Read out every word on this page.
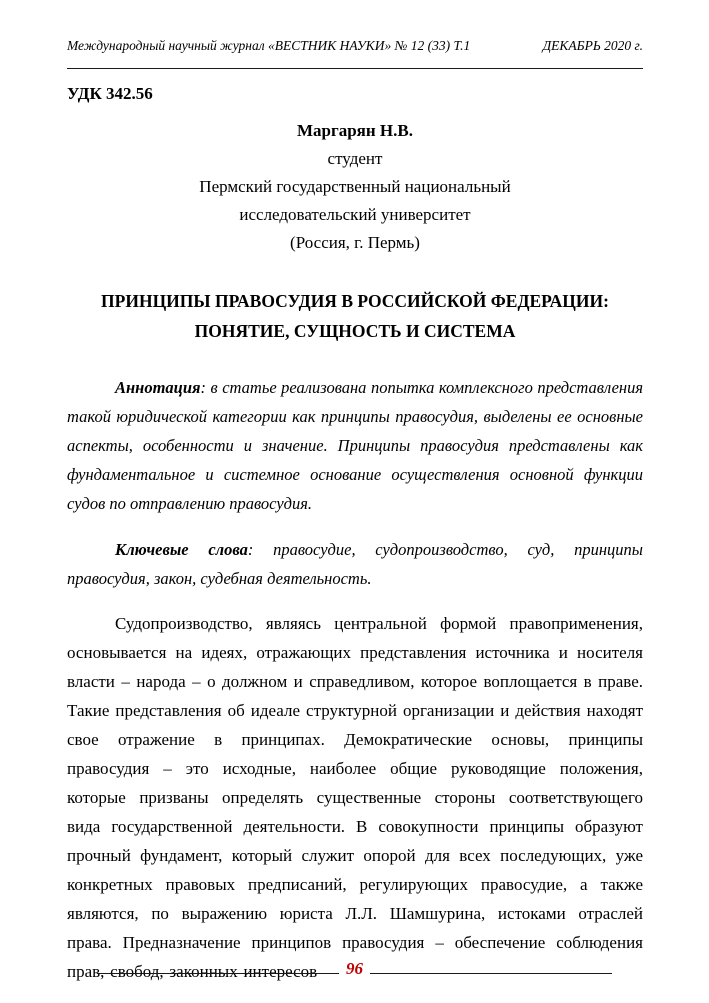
Международный научный журнал «ВЕСТНИК НАУКИ» № 12 (33) Т.1	ДЕКАБРЬ 2020 г.
УДК 342.56
Маргарян Н.В.
студент
Пермский государственный национальный
исследовательский университет
(Россия, г. Пермь)
ПРИНЦИПЫ ПРАВОСУДИЯ В РОССИЙСКОЙ ФЕДЕРАЦИИ:
ПОНЯТИЕ, СУЩНОСТЬ И СИСТЕМА

Аннотация: в статье реализована попытка комплексного представления такой юридической категории как принципы правосудия, выделены ее основные аспекты, особенности и значение. Принципы правосудия представлены как фундаментальное и системное основание осуществления основной функции судов по отправлению правосудия.

Ключевые слова: правосудие, судопроизводство, суд, принципы правосудия, закон, судебная деятельность.

Судопроизводство, являясь центральной формой правоприменения, основывается на идеях, отражающих представления источника и носителя власти – народа – о должном и справедливом, которое воплощается в праве. Такие представления об идеале структурной организации и действия находят свое отражение в принципах. Демократические основы, принципы правосудия – это исходные, наиболее общие руководящие положения, которые призваны определять существенные стороны соответствующего вида государственной деятельности. В совокупности принципы образуют прочный фундамент, который служит опорой для всех последующих, уже конкретных правовых предписаний, регулирующих правосудие, а также являются, по выражению юриста Л.Л. Шамшурина, истоками отраслей права. Предназначение принципов правосудия – обеспечение соблюдения прав, свобод, законных интересов	96
